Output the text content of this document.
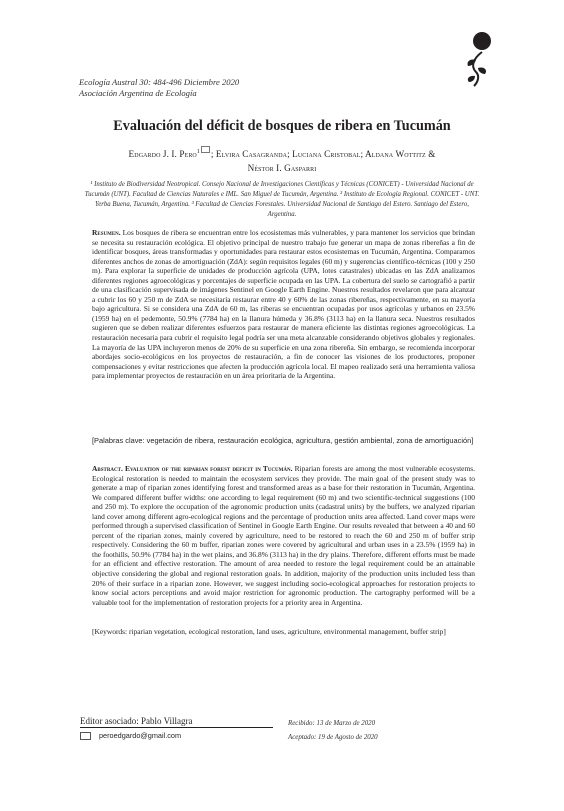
Ecología Austral 30: 484-496 Diciembre 2020
Asociación Argentina de Ecología
Evaluación del déficit de bosques de ribera en Tucumán
Edgardo J. I. Pero$^1$ ; Elvira Casagranda; Luciana Cristobal; Aldana Wottitz &
Néstor I. Gasparri
¹ Instituto de Biodiversidad Neotropical. Consejo Nacional de Investigaciones Científicas y Técnicas (CONICET) - Universidad Nacional de Tucumán (UNT). Facultad de Ciencias Naturales e IML. San Miguel de Tucumán, Argentina. ² Instituto de Ecología Regional. CONICET - UNT. Yerba Buena, Tucumán, Argentina. ³ Facultad de Ciencias Forestales. Universidad Nacional de Santiago del Estero. Santiago del Estero, Argentina.

Resumen. Los bosques de ribera se encuentran entre los ecosistemas más vulnerables, y para mantener los servicios que brindan se necesita su restauración ecológica. El objetivo principal de nuestro trabajo fue generar un mapa de zonas ribereñas a fin de identificar bosques, áreas transformadas y oportunidades para restaurar estos ecosistemas en Tucumán, Argentina. Comparamos diferentes anchos de zonas de amortiguación (ZdA): según requisitos legales (60 m) y sugerencias científico-técnicas (100 y 250 m). Para explorar la superficie de unidades de producción agrícola (UPA, lotes catastrales) ubicadas en las ZdA analizamos diferentes regiones agroecológicas y porcentajes de superficie ocupada en las UPA. La cobertura del suelo se cartografió a partir de una clasificación supervisada de imágenes Sentinel en Google Earth Engine. Nuestros resultados revelaron que para alcanzar a cubrir los 60 y 250 m de ZdA se necesitaría restaurar entre 40 y 60% de las zonas ribereñas, respectivamente, en su mayoría bajo agricultura. Si se considera una ZdA de 60 m, las riberas se encuentran ocupadas por usos agrícolas y urbanos en 23.5% (1959 ha) en el pedemonte, 50.9% (7784 ha) en la llanura húmeda y 36.8% (3113 ha) en la llanura seca. Nuestros resultados sugieren que se deben realizar diferentes esfuerzos para restaurar de manera eficiente las distintas regiones agroecológicas. La restauración necesaria para cubrir el requisito legal podría ser una meta alcanzable considerando objetivos globales y regionales. La mayoría de las UPA incluyeron menos de 20% de su superficie en una zona ribereña. Sin embargo, se recomienda incorporar abordajes socio-ecológicos en los proyectos de restauración, a fin de conocer las visiones de los productores, proponer compensaciones y evitar restricciones que afecten la producción agrícola local. El mapeo realizado será una herramienta valiosa para implementar proyectos de restauración en un área prioritaria de la Argentina.

[Palabras clave: vegetación de ribera, restauración ecológica, agricultura, gestión ambiental, zona de amortiguación]

Abstract. Evaluation of the riparian forest deficit in Tucumán. Riparian forests are among the most vulnerable ecosystems. Ecological restoration is needed to maintain the ecosystem services they provide. The main goal of the present study was to generate a map of riparian zones identifying forest and transformed areas as a base for their restoration in Tucumán, Argentina. We compared different buffer widths: one according to legal requirement (60 m) and two scientific-technical suggestions (100 and 250 m). To explore the occupation of the agronomic production units (cadastral units) by the buffers, we analyzed riparian land cover among different agro-ecological regions and the percentage of production units area affected. Land cover maps were performed through a supervised classification of Sentinel in Google Earth Engine. Our results revealed that between a 40 and 60 percent of the riparian zones, mainly covered by agriculture, need to be restored to reach the 60 and 250 m of buffer strip respectively. Considering the 60 m buffer, riparian zones were covered by agricultural and urban uses in a 23.5% (1959 ha) in the foothills, 50.9% (7784 ha) in the wet plains, and 36.8% (3113 ha) in the dry plains. Therefore, different efforts must be made for an efficient and effective restoration. The amount of area needed to restore the legal requirement could be an attainable objective considering the global and regional restoration goals. In addition, majority of the production units included less than 20% of their surface in a riparian zone. However, we suggest including socio-ecological approaches for restoration projects to know social actors perceptions and avoid major restriction for agronomic production. The cartography performed will be a valuable tool for the implementation of restoration projects for a priority area in Argentina.

[Keywords: riparian vegetation, ecological restoration, land uses, agriculture, environmental management, buffer strip]

Editor asociado: Pablo Villagra
peroedgardo@gmail.com
Recibido: 13 de Marzo de 2020
Aceptado: 19 de Agosto de 2020
